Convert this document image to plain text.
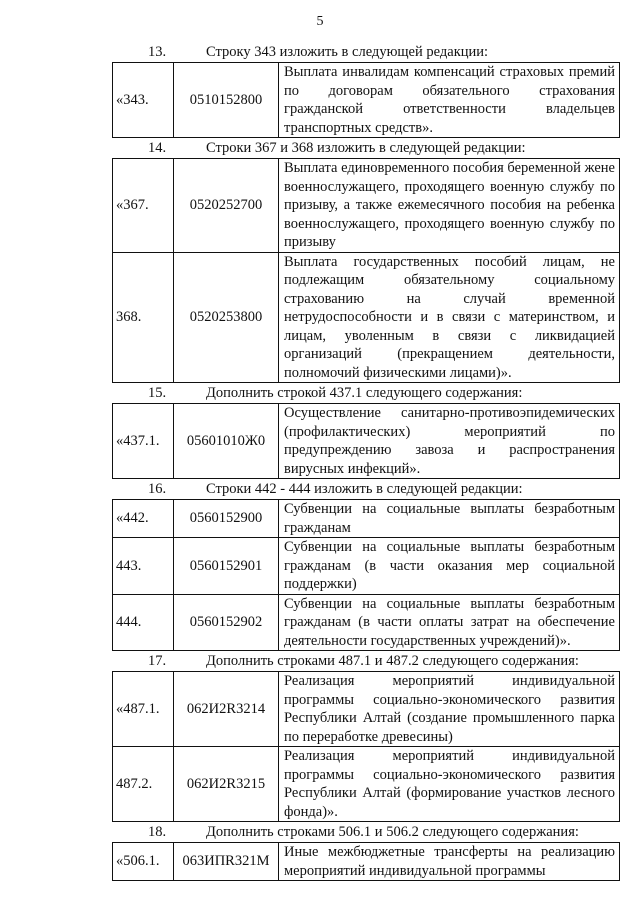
5
13.	Строку 343 изложить в следующей редакции:
«343.	0510152800	Выплата инвалидам компенсаций страховых премий по договорам обязательного страхования гражданской ответственности владельцев транспортных средств».
14.	Строки 367 и 368 изложить в следующей редакции:
«367.	0520252700	Выплата единовременного пособия беременной жене военнослужащего, проходящего военную службу по призыву, а также ежемесячного пособия на ребенка военнослужащего, проходящего военную службу по призыву
368.	0520253800	Выплата государственных пособий лицам, не подлежащим обязательному социальному страхованию на случай временной нетрудоспособности и в связи с материнством, и лицам, уволенным в связи с ликвидацией организаций (прекращением деятельности, полномочий физическими лицами)».
15.	Дополнить строкой 437.1 следующего содержания:
«437.1.	05601010Ж0	Осуществление санитарно-противоэпидемических (профилактических) мероприятий по предупреждению завоза и распространения вирусных инфекций».
16.	Строки 442 - 444 изложить в следующей редакции:
«442.	0560152900	Субвенции на социальные выплаты безработным гражданам
443.	0560152901	Субвенции на социальные выплаты безработным гражданам (в части оказания мер социальной поддержки)
444.	0560152902	Субвенции на социальные выплаты безработным гражданам (в части оплаты затрат на обеспечение деятельности государственных учреждений)».
17.	Дополнить строками 487.1 и 487.2 следующего содержания:
«487.1.	062И2R3214	Реализация мероприятий индивидуальной программы социально-экономического развития Республики Алтай (создание промышленного парка по переработке древесины)
487.2.	062И2R3215	Реализация мероприятий индивидуальной программы социально-экономического развития Республики Алтай (формирование участков лесного фонда)».
18.	Дополнить строками 506.1 и 506.2 следующего содержания:
«506.1.	063ИПR321M	Иные межбюджетные трансферты на реализацию мероприятий индивидуальной программы
